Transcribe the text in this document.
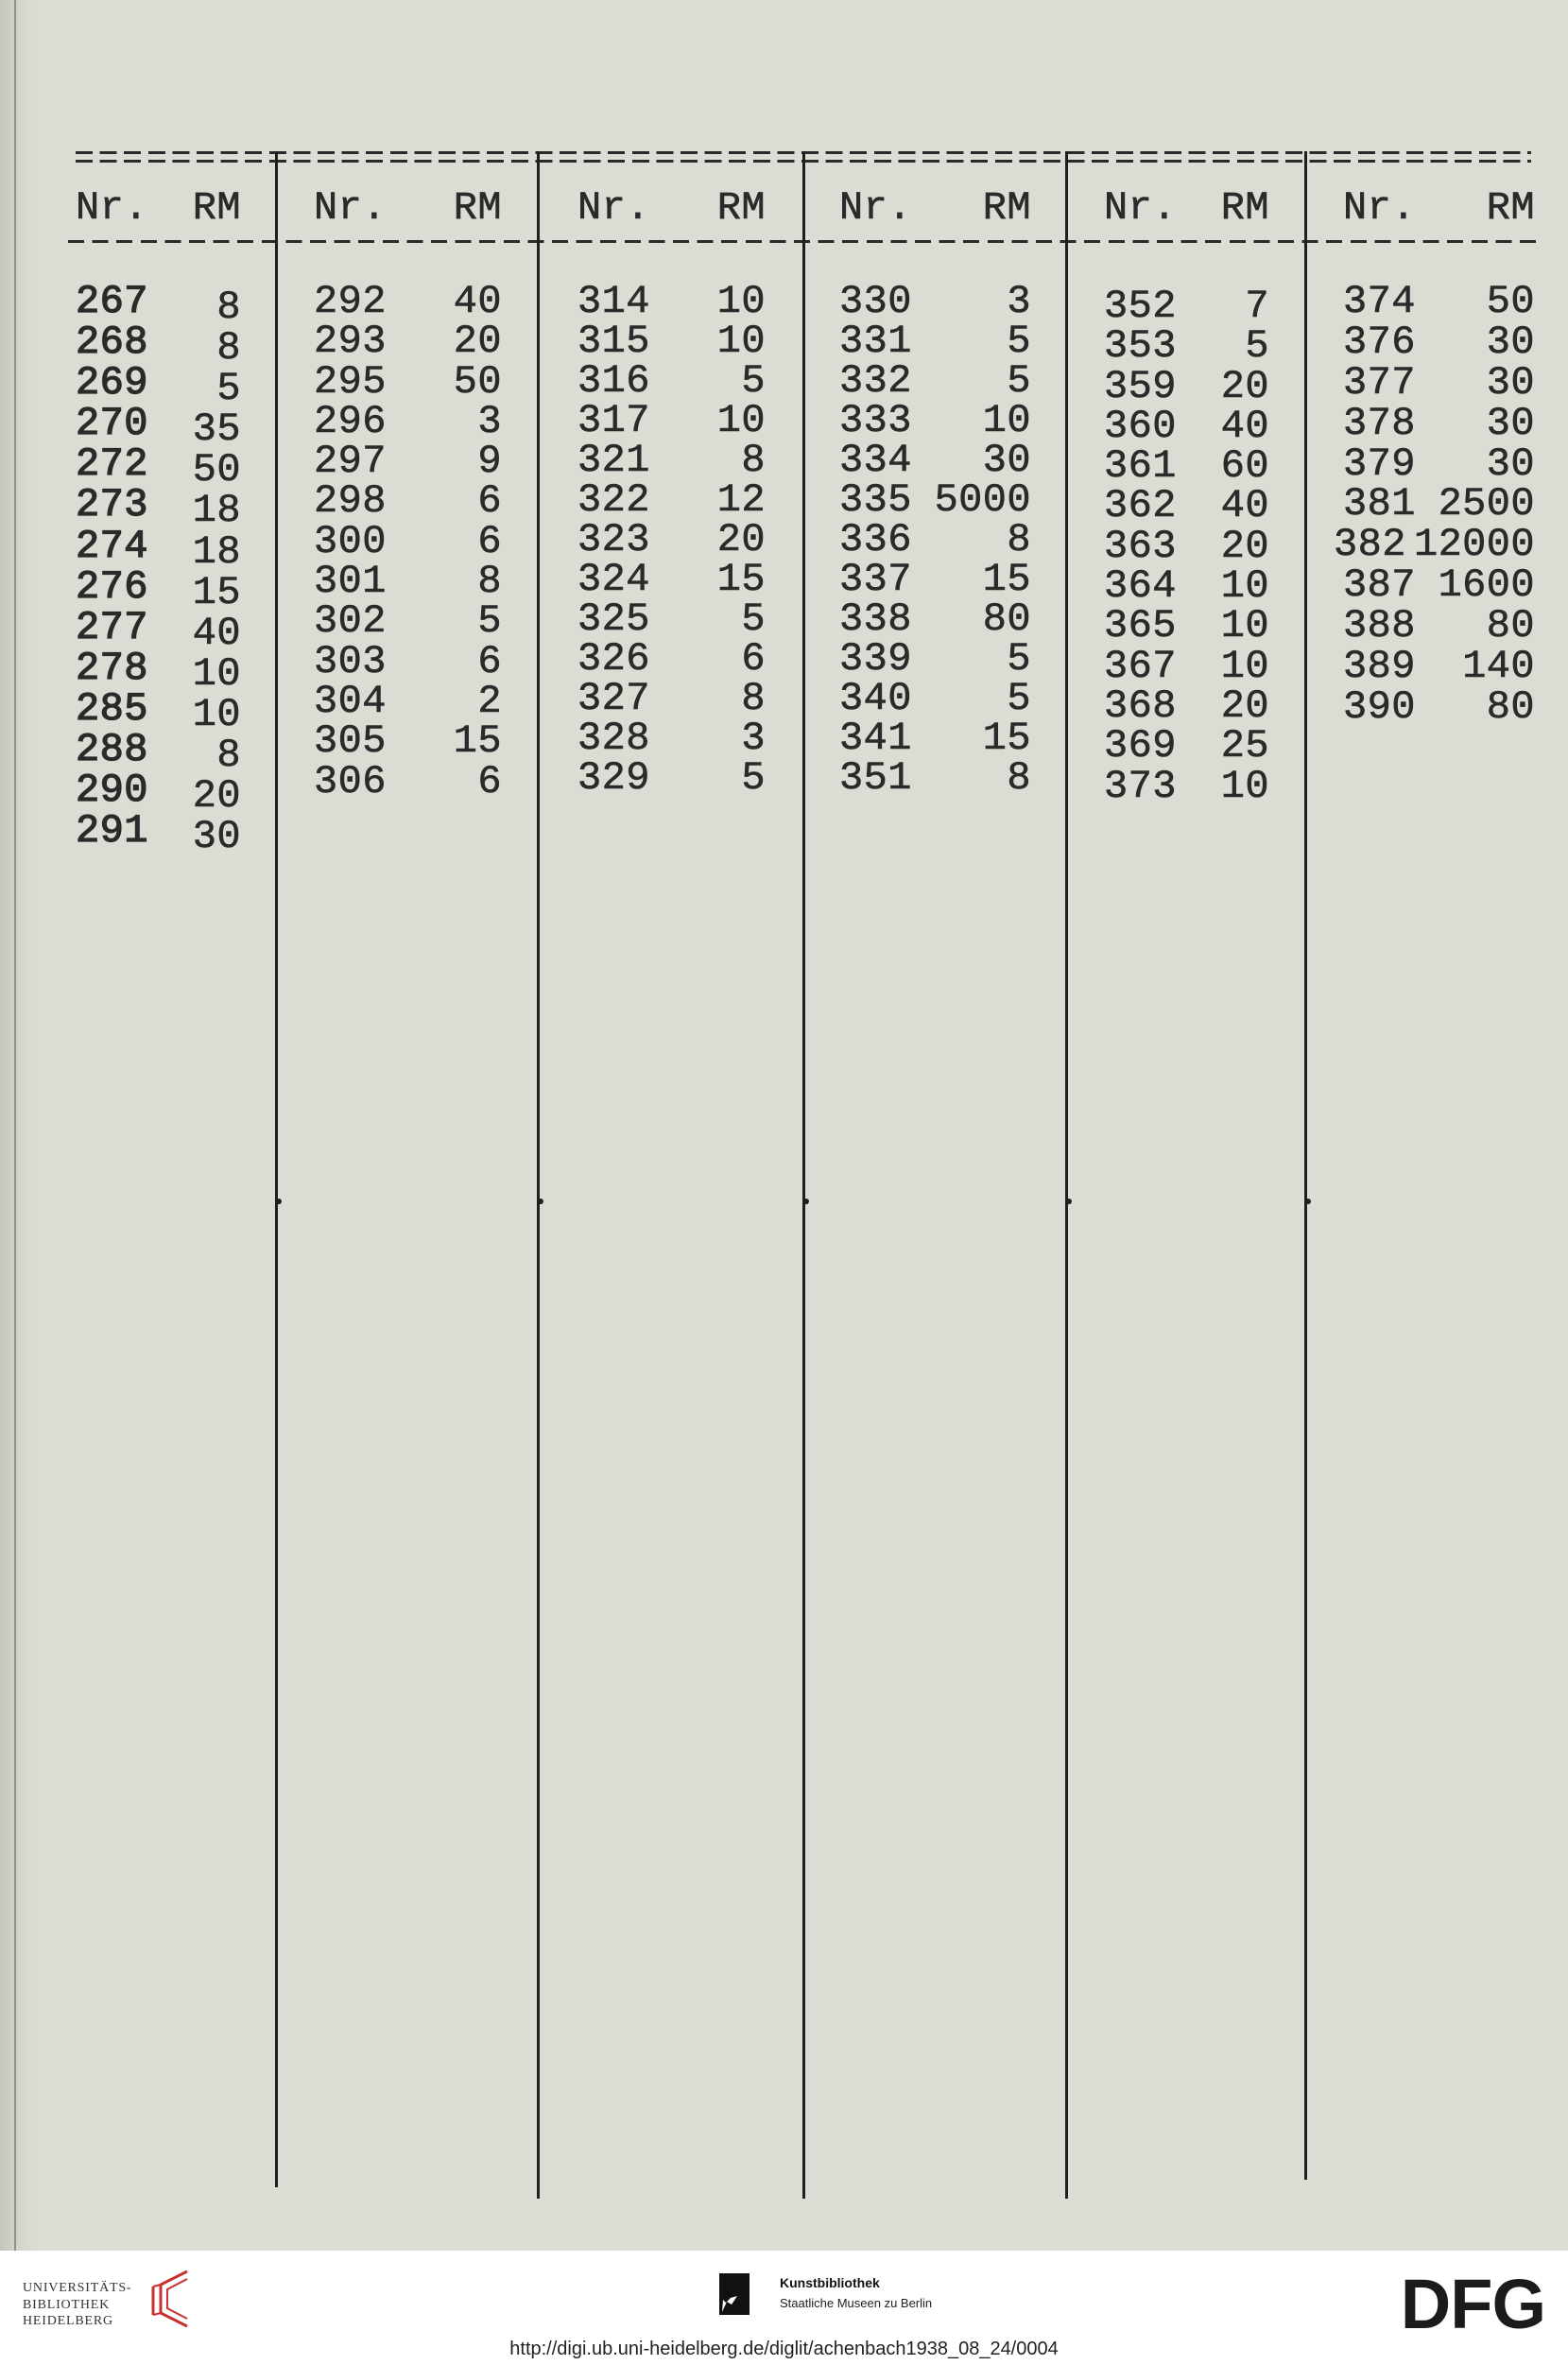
Nr. RM
267 8
268 8
269 5
270 35
272 50
273 18
274 18
276 15
277 40
278 10
285 10
288 8
290 20
291 30
Nr. RM
292 40
293 20
295 50
296 3
297 9
298 6
300 6
301 8
302 5
303 6
304 2
305 15
306 6
Nr. RM
314 10
315 10
316 5
317 10
321 8
322 12
323 20
324 15
325 5
326 6
327 8
328 3
329 5
Nr. RM
330 3
331 5
332 5
333 10
334 30
335 5000
336 8
337 15
338 80
339 5
340 5
341 15
351 8
Nr. RM
352 7
353 5
359 20
360 40
361 60
362 40
363 20
364 10
365 10
367 10
368 20
369 25
373 10
Nr. RM
374 50
376 30
377 30
378 30
379 30
381 2500
382 12000
387 1600
388 80
389 140
390 80
UNIVERSITÄTS-
BIBLIOTHEK
HEIDELBERG
Kunstbibliothek
Staatliche Museen zu Berlin	DFG
http://digi.ub.uni-heidelberg.de/diglit/achenbach1938_08_24/0004
